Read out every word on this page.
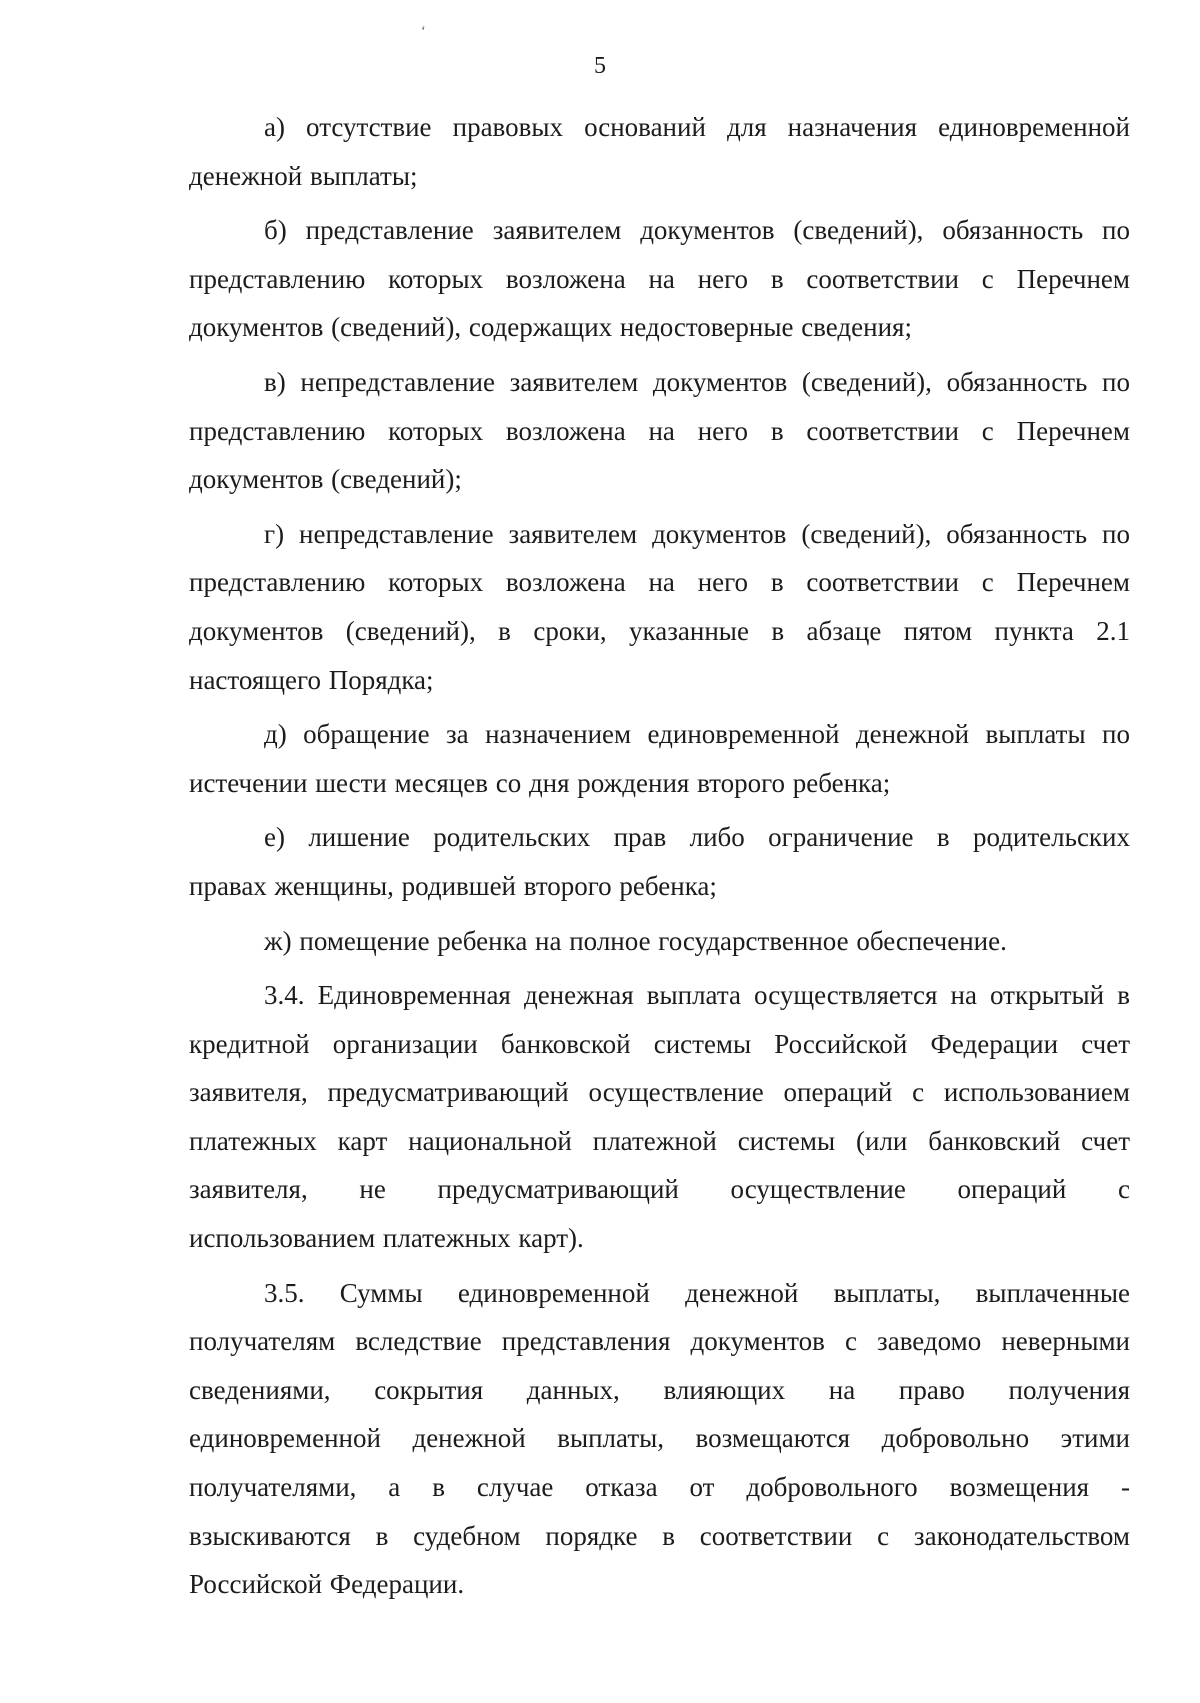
‘
5

а) отсутствие правовых оснований для назначения единовременной
денежной выплаты;

б) представление заявителем документов (сведений), обязанность по
представлению которых возложена на него в соответствии с Перечнем
документов (сведений), содержащих недостоверные сведения;

в) непредставление заявителем документов (сведений), обязанность по
представлению которых возложена на него в соответствии с Перечнем
документов (сведений);

г) непредставление заявителем документов (сведений), обязанность по
представлению которых возложена на него в соответствии с Перечнем
документов (сведений), в сроки, указанные в абзаце пятом пункта 2.1
настоящего Порядка;

д) обращение за назначением единовременной денежной выплаты по
истечении шести месяцев со дня рождения второго ребенка;

е) лишение родительских прав либо ограничение в родительских
правах женщины, родившей второго ребенка;

ж) помещение ребенка на полное государственное обеспечение.

3.4. Единовременная денежная выплата осуществляется на открытый в
кредитной организации банковской системы Российской Федерации счет
заявителя, предусматривающий осуществление операций с использованием
платежных карт национальной платежной системы (или банковский счет
заявителя, не предусматривающий осуществление операций с
использованием платежных карт).

3.5. Суммы единовременной денежной выплаты, выплаченные
получателям вследствие представления документов с заведомо неверными
сведениями, сокрытия данных, влияющих на право получения
единовременной денежной выплаты, возмещаются добровольно этими
получателями, а в случае отказа от добровольного возмещения -
взыскиваются в судебном порядке в соответствии с законодательством
Российской Федерации.
